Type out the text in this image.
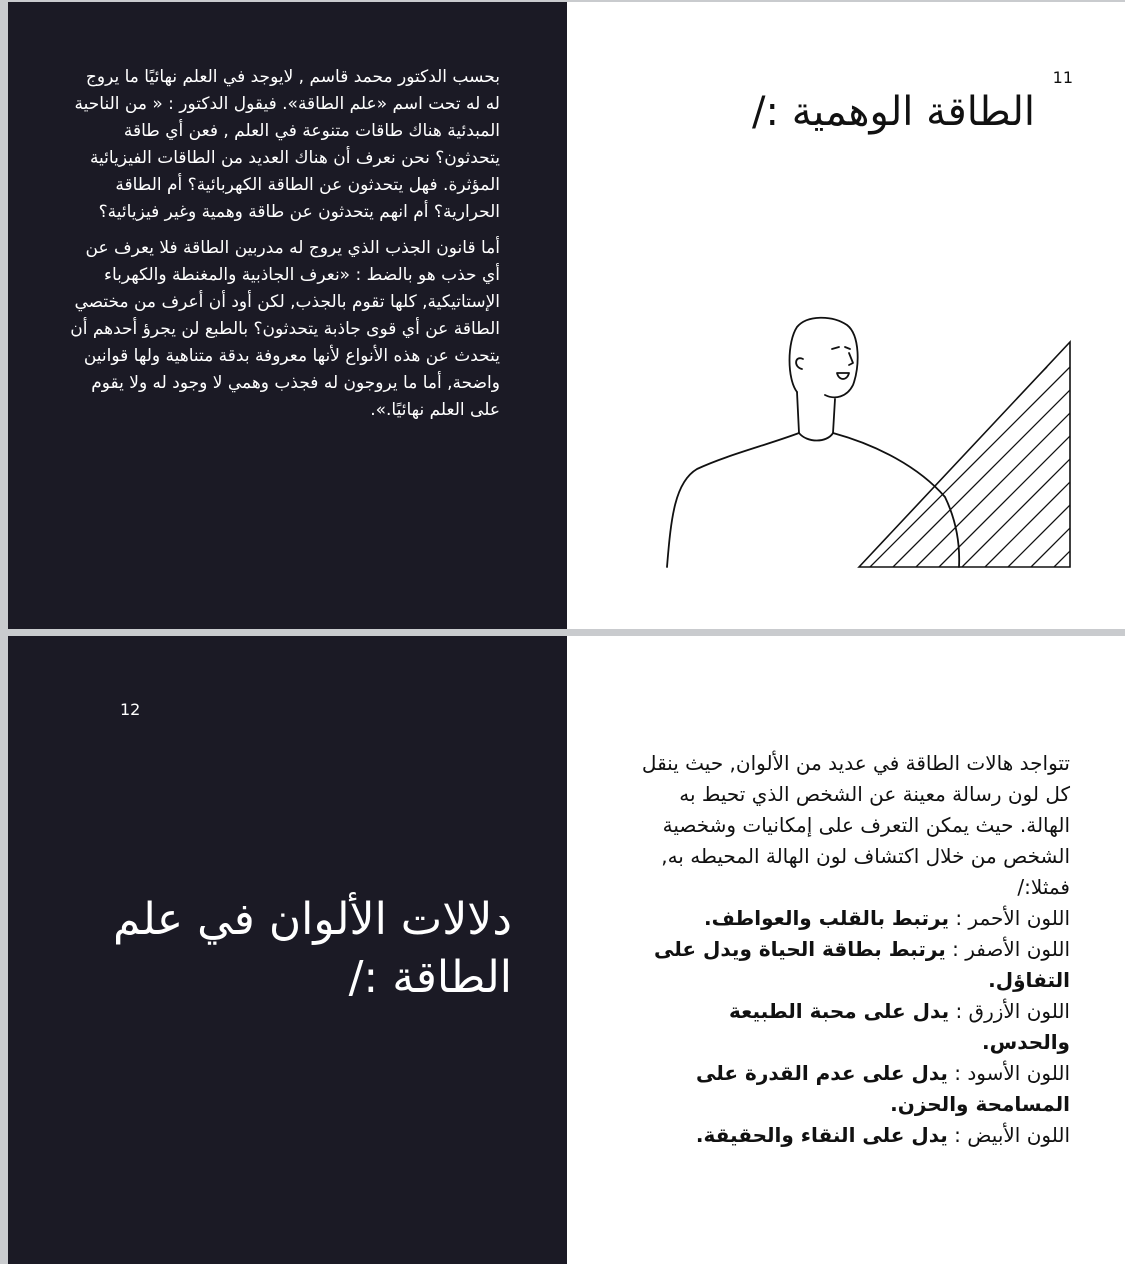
بحسب الدكتور محمد قاسم , لايوجد في العلم نهائيًا ما يروج له له تحت اسم «علم الطاقة». فيقول الدكتور : « من الناحية المبدئية هناك طاقات متنوعة في العلم , فعن أي طاقة يتحدثون؟ نحن نعرف أن هناك العديد من الطاقات الفيزيائية المؤثرة. فهل يتحدثون عن الطاقة الكهربائية؟ أم الطاقة الحرارية؟ أم انهم يتحدثون عن طاقة وهمية وغير فيزيائية؟

أما قانون الجذب الذي يروج له مدربين الطاقة فلا يعرف عن أي حذب هو بالضط : «نعرف الجاذبية والمغنطة والكهرباء الإستاتيكية, كلها تقوم بالجذب, لكن أود أن أعرف من مختصي الطاقة عن أي قوى جاذبة يتحدثون؟ بالطبع لن يجرؤ أحدهم أن يتحدث عن هذه الأنواع لأنها معروفة بدقة متناهية ولها قوانين واضحة, أما ما يروجون له فجذب وهمي لا وجود له ولا يقوم على العلم نهائيًا.».

11
الطاقة الوهمية :/
دلالات الألوان في علم الطاقة :/

تتواجد هالات الطاقة في عديد من الألوان, حيث ينقل كل لون رسالة معينة عن الشخص الذي تحيط به الهالة. حيث يمكن التعرف على إمكانيات وشخصية الشخص من خلال اكتشاف لون الهالة المحيطه به, فمثلا:/

اللون الأحمر : يرتبط بالقلب والعواطف.

اللون الأصفر : يرتبط بطاقة الحياة ويدل على التفاؤل.

اللون الأزرق : يدل على محبة الطبيعة والحدس.

اللون الأسود : يدل على عدم القدرة على المسامحة والحزن.

اللون الأبيض : يدل على النقاء والحقيقة.

12
